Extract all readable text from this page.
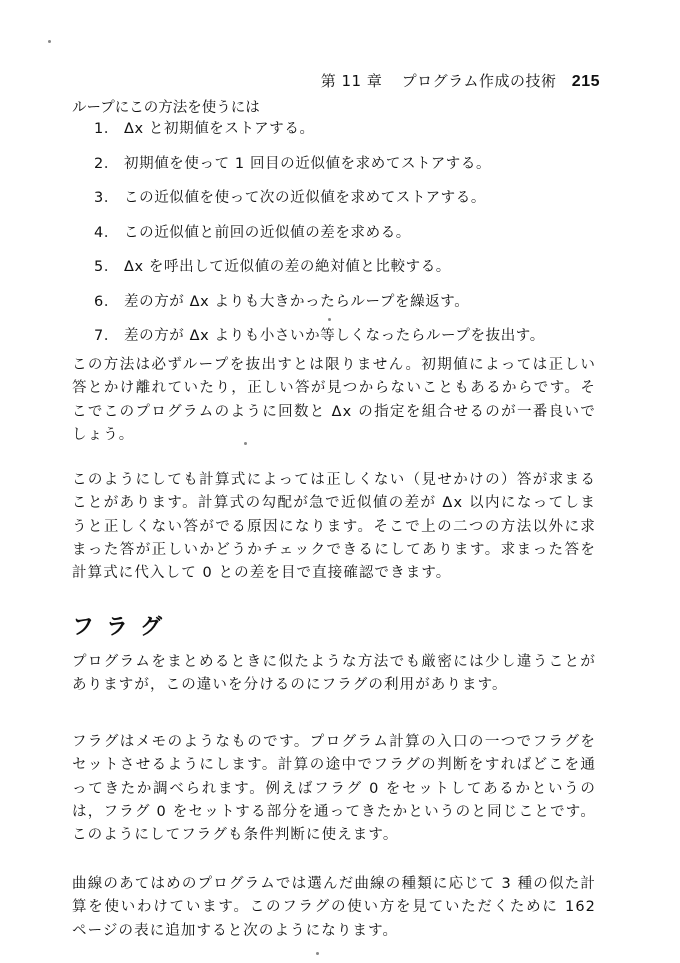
第 11 章 プログラム作成の技術 215
ループにこの方法を使うには
1． Δx と初期値をストアする。
2． 初期値を使って 1 回目の近似値を求めてストアする。
3． この近似値を使って次の近似値を求めてストアする。
4． この近似値と前回の近似値の差を求める。
5． Δx を呼出して近似値の差の絶対値と比較する。
6． 差の方が Δx よりも大きかったらループを繰返す。
7． 差の方が Δx よりも小さいか等しくなったらループを抜出す。

この方法は必ずループを抜出すとは限りません。初期値によっては正しい答とかけ離れていたり，正しい答が見つからないこともあるからです。そこでこのプログラムのように回数と Δx の指定を組合せるのが一番良いでしょう。

このようにしても計算式によっては正しくない（見せかけの）答が求まることがあります。計算式の勾配が急で近似値の差が Δx 以内になってしまうと正しくない答がでる原因になります。そこで上の二つの方法以外に求まった答が正しいかどうかチェックできるにしてあります。求まった答を計算式に代入して 0 との差を目で直接確認できます。

フラグ

プログラムをまとめるときに似たような方法でも厳密には少し違うことがありますが，この違いを分けるのにフラグの利用があります。

フラグはメモのようなものです。プログラム計算の入口の一つでフラグをセットさせるようにします。計算の途中でフラグの判断をすればどこを通ってきたか調べられます。例えばフラグ 0 をセットしてあるかというのは，フラグ 0 をセットする部分を通ってきたかというのと同じことです。このようにしてフラグも条件判断に使えます。

曲線のあてはめのプログラムでは選んだ曲線の種類に応じて 3 種の似た計算を使いわけています。このフラグの使い方を見ていただくために 162 ページの表に追加すると次のようになります。
